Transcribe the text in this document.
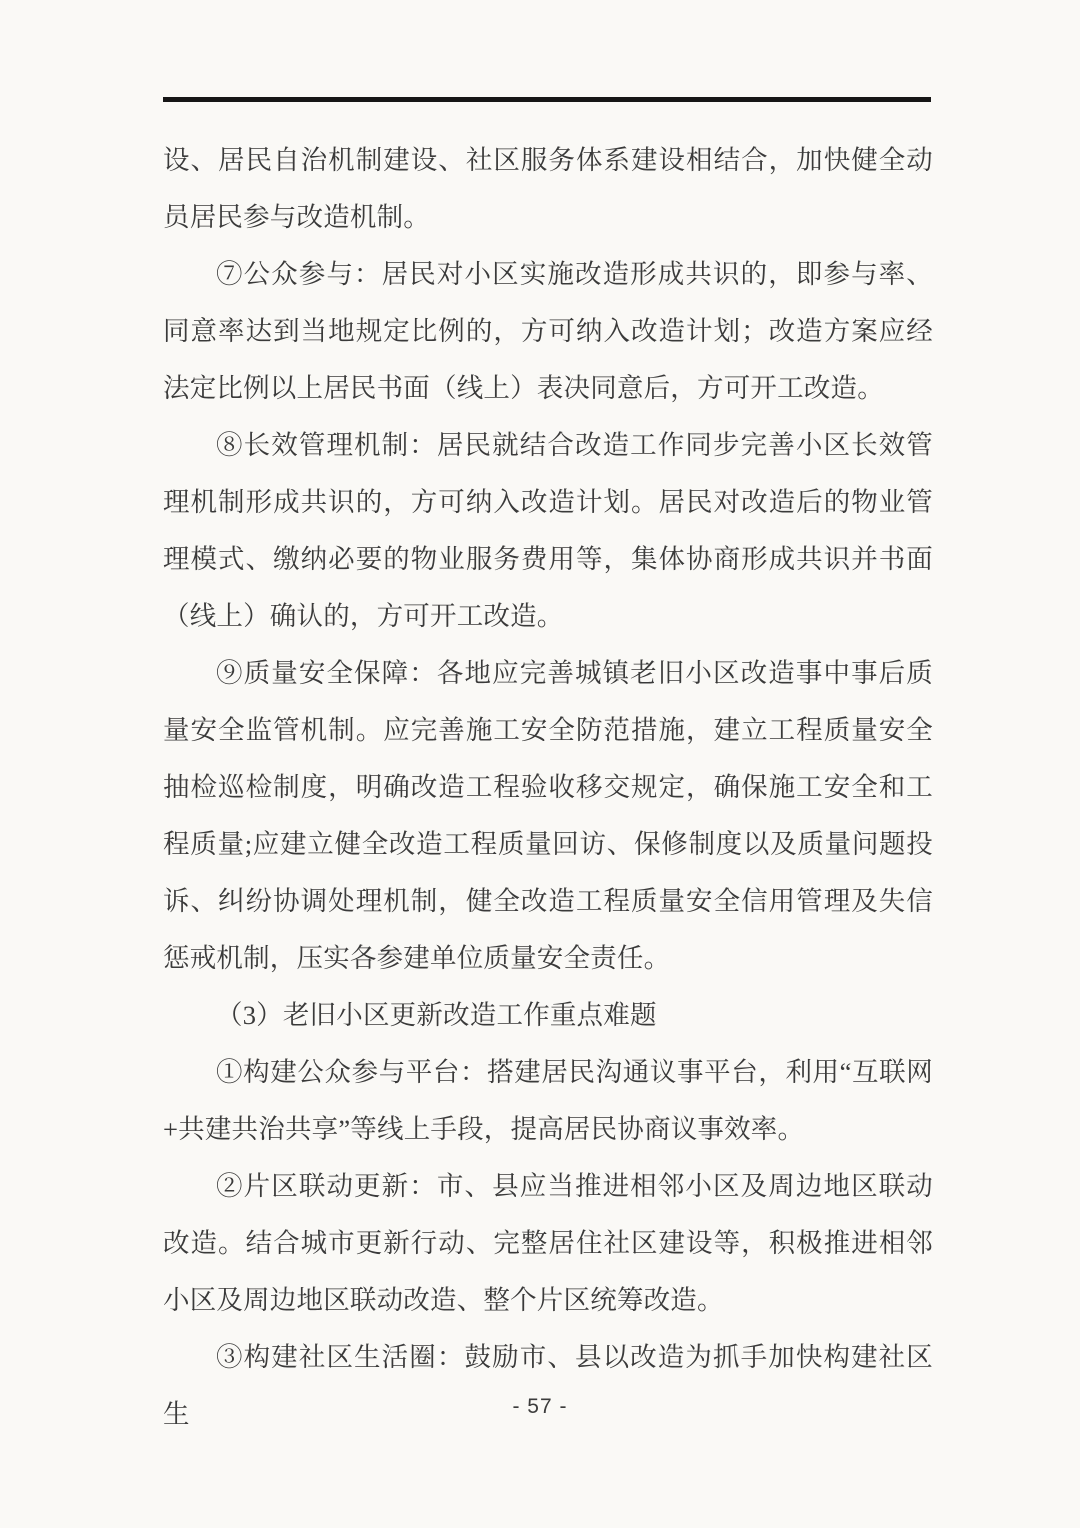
设、居民自治机制建设、社区服务体系建设相结合，加快健全动员居民参与改造机制。

⑦公众参与：居民对小区实施改造形成共识的，即参与率、同意率达到当地规定比例的，方可纳入改造计划；改造方案应经法定比例以上居民书面（线上）表决同意后，方可开工改造。

⑧长效管理机制：居民就结合改造工作同步完善小区长效管理机制形成共识的，方可纳入改造计划。居民对改造后的物业管理模式、缴纳必要的物业服务费用等，集体协商形成共识并书面（线上）确认的，方可开工改造。

⑨质量安全保障：各地应完善城镇老旧小区改造事中事后质量安全监管机制。应完善施工安全防范措施，建立工程质量安全抽检巡检制度，明确改造工程验收移交规定，确保施工安全和工程质量;应建立健全改造工程质量回访、保修制度以及质量问题投诉、纠纷协调处理机制，健全改造工程质量安全信用管理及失信惩戒机制，压实各参建单位质量安全责任。

（3）老旧小区更新改造工作重点难题

①构建公众参与平台：搭建居民沟通议事平台，利用“互联网+共建共治共享”等线上手段，提高居民协商议事效率。

②片区联动更新：市、县应当推进相邻小区及周边地区联动改造。结合城市更新行动、完整居住社区建设等，积极推进相邻小区及周边地区联动改造、整个片区统筹改造。

③构建社区生活圈：鼓励市、县以改造为抓手加快构建社区生	- 57 -
